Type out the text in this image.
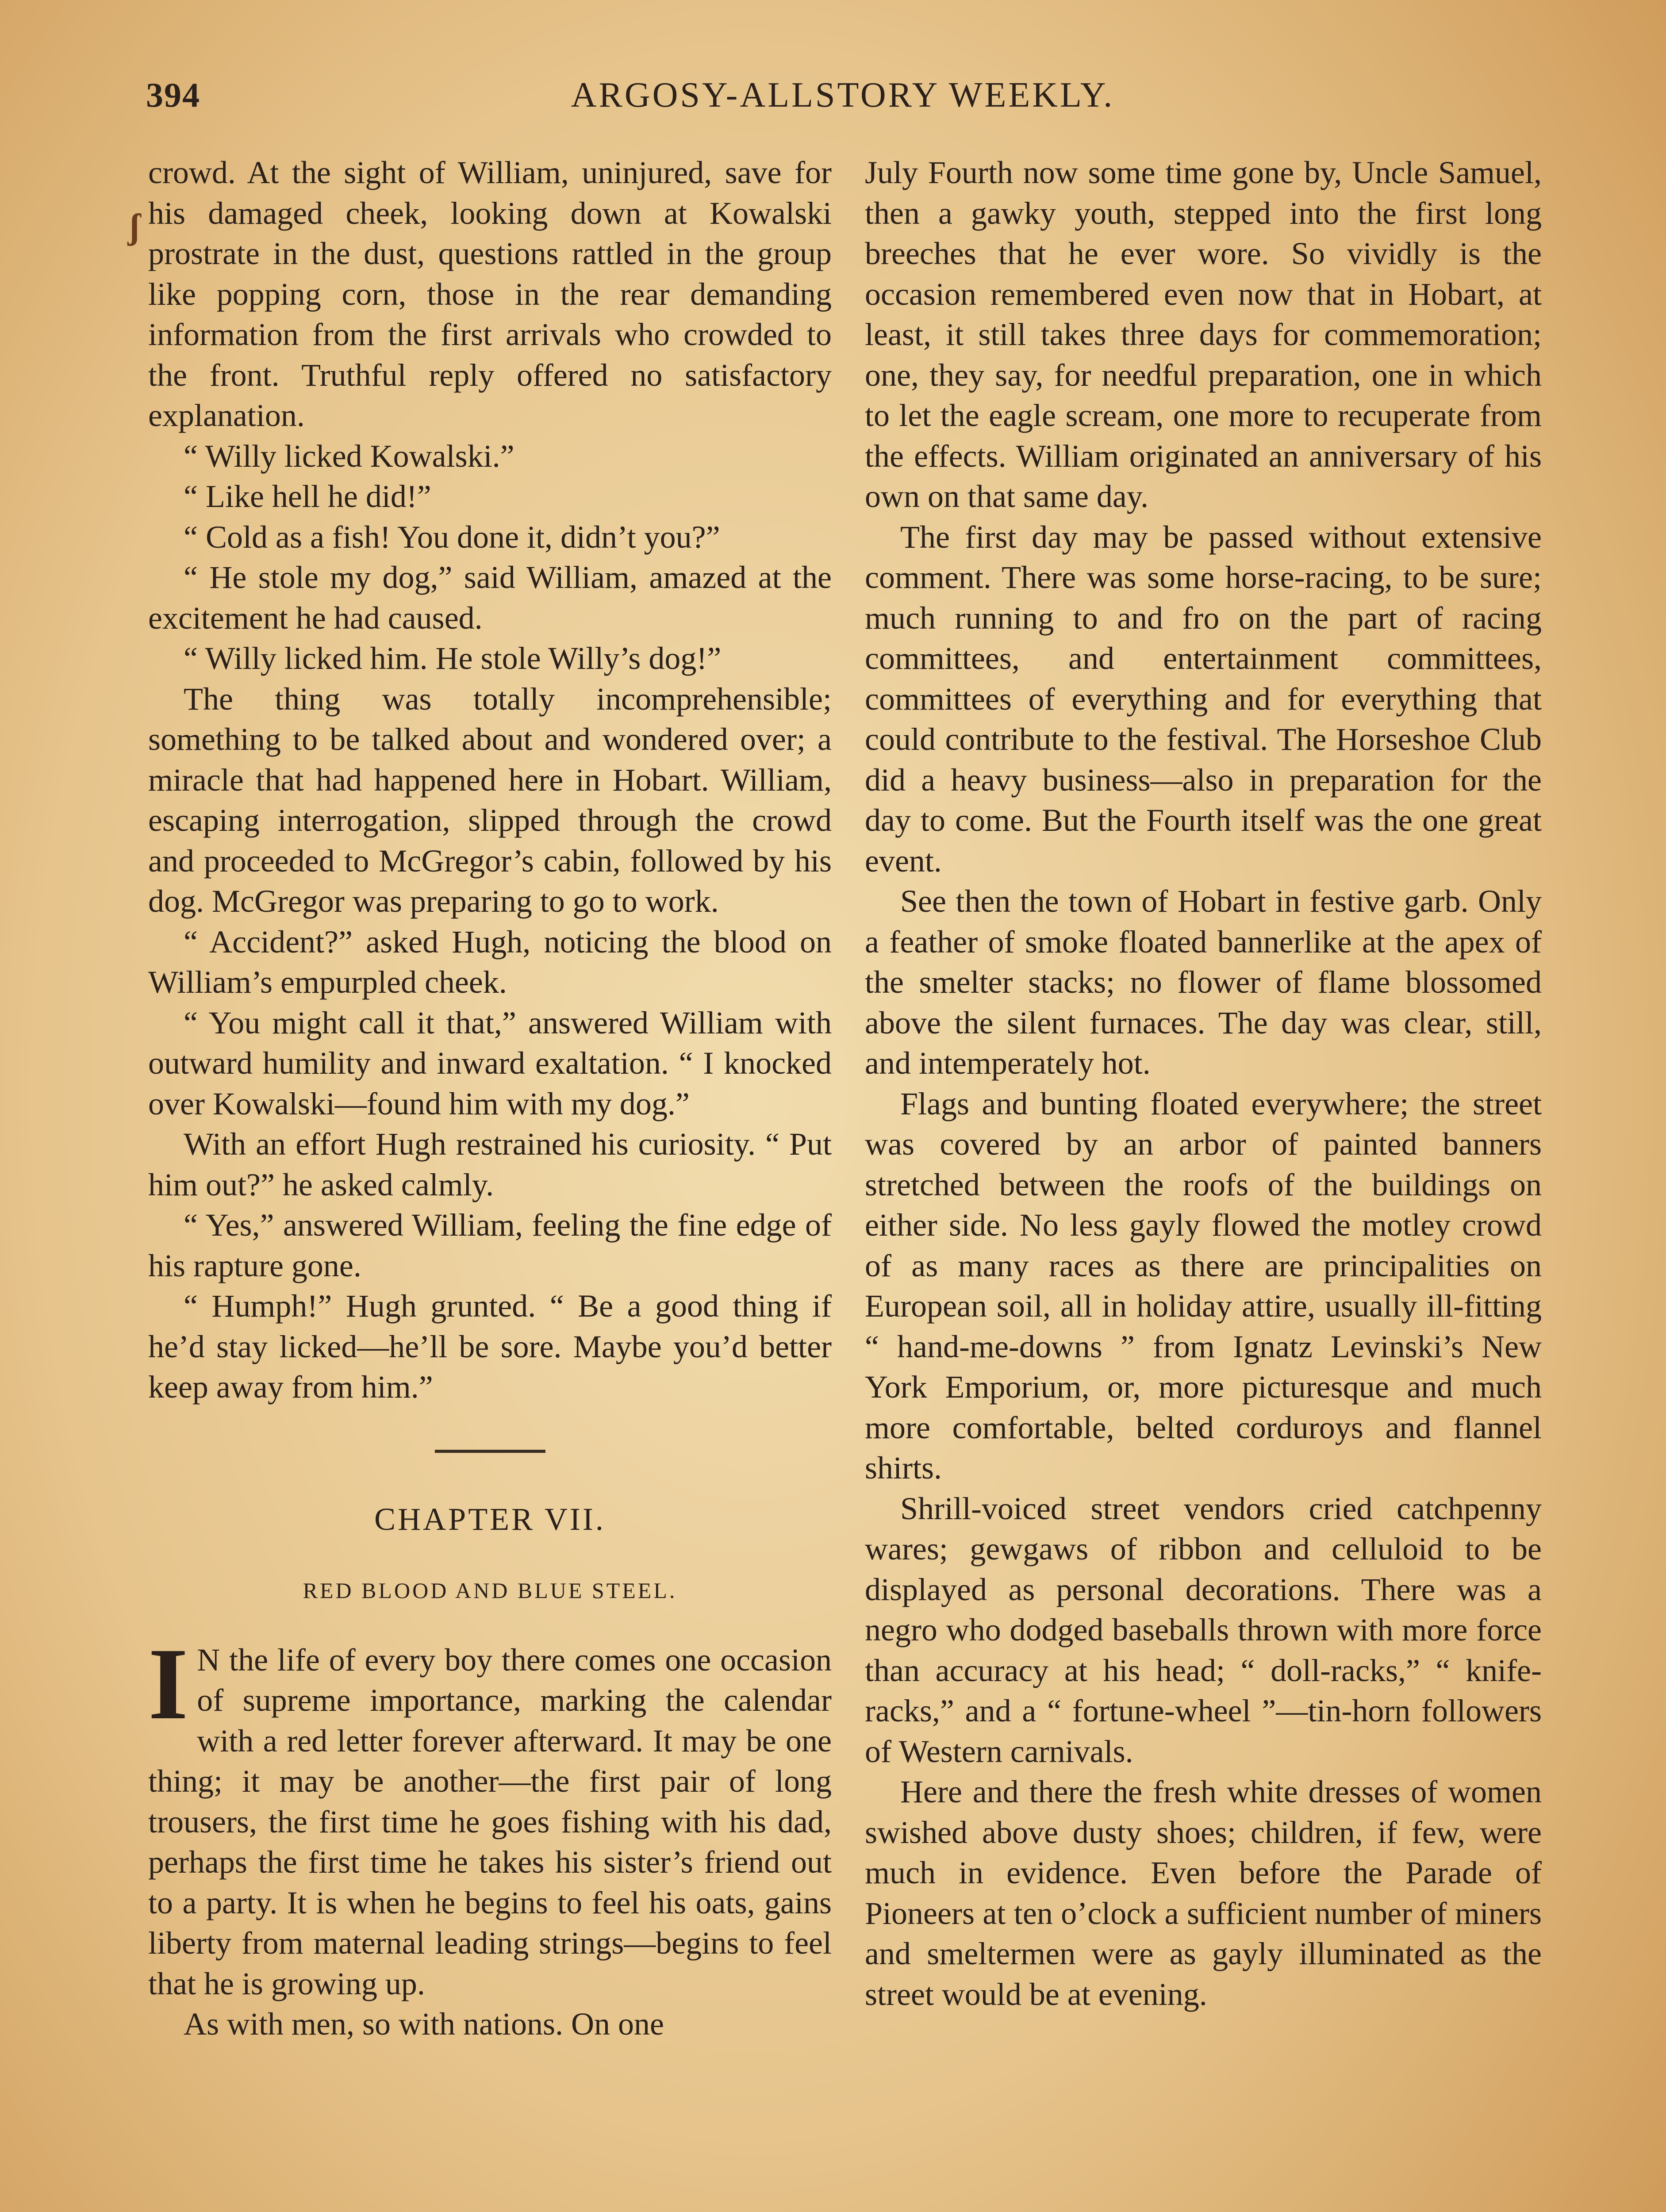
394	ARGOSY-ALLSTORY WEEKLY.
ʃ

crowd. At the sight of William, uninjured, save for his damaged cheek, looking down at Kowalski prostrate in the dust, questions rattled in the group like popping corn, those in the rear demanding information from the first arrivals who crowded to the front. Truthful reply offered no satisfactory explanation.

“ Willy licked Kowalski.”

“ Like hell he did!”

“ Cold as a fish! You done it, didn’t you?”

“ He stole my dog,” said William, amazed at the excitement he had caused.

“ Willy licked him. He stole Willy’s dog!”

The thing was totally incomprehensible; something to be talked about and wondered over; a miracle that had happened here in Hobart. William, escaping interrogation, slipped through the crowd and proceeded to McGregor’s cabin, followed by his dog. McGregor was preparing to go to work.

“ Accident?” asked Hugh, noticing the blood on William’s empurpled cheek.

“ You might call it that,” answered William with outward humility and inward exaltation. “ I knocked over Kowalski—found him with my dog.”

With an effort Hugh restrained his curiosity. “ Put him out?” he asked calmly.

“ Yes,” answered William, feeling the fine edge of his rapture gone.

“ Humph!” Hugh grunted. “ Be a good thing if he’d stay licked—he’ll be sore. Maybe you’d better keep away from him.”

CHAPTER VII.
RED BLOOD AND BLUE STEEL.

I N the life of every boy there comes one occasion of supreme importance, marking the calendar with a red letter forever afterward. It may be one thing; it may be another—the first pair of long trousers, the first time he goes fishing with his dad, perhaps the first time he takes his sister’s friend out to a party. It is when he begins to feel his oats, gains liberty from maternal leading strings—begins to feel that he is growing up.

As with men, so with nations. On one

July Fourth now some time gone by, Uncle Samuel, then a gawky youth, stepped into the first long breeches that he ever wore. So vividly is the occasion remembered even now that in Hobart, at least, it still takes three days for commemoration; one, they say, for needful preparation, one in which to let the eagle scream, one more to recuperate from the effects. William originated an anniversary of his own on that same day.

The first day may be passed without extensive comment. There was some horse-racing, to be sure; much running to and fro on the part of racing committees, and entertainment committees, committees of everything and for everything that could contribute to the festival. The Horseshoe Club did a heavy business—also in preparation for the day to come. But the Fourth itself was the one great event.

See then the town of Hobart in festive garb. Only a feather of smoke floated bannerlike at the apex of the smelter stacks; no flower of flame blossomed above the silent furnaces. The day was clear, still, and intemperately hot.

Flags and bunting floated everywhere; the street was covered by an arbor of painted banners stretched between the roofs of the buildings on either side. No less gayly flowed the motley crowd of as many races as there are principalities on European soil, all in holiday attire, usually ill-fitting “ hand-me-downs ” from Ignatz Levinski’s New York Emporium, or, more picturesque and much more comfortable, belted corduroys and flannel shirts.

Shrill-voiced street vendors cried catchpenny wares; gewgaws of ribbon and celluloid to be displayed as personal decorations. There was a negro who dodged baseballs thrown with more force than accuracy at his head; “ doll-racks,” “ knife-racks,” and a “ fortune-wheel ”—tin-horn followers of Western carnivals.

Here and there the fresh white dresses of women swished above dusty shoes; children, if few, were much in evidence. Even before the Parade of Pioneers at ten o’clock a sufficient number of miners and smeltermen were as gayly illuminated as the street would be at evening.
